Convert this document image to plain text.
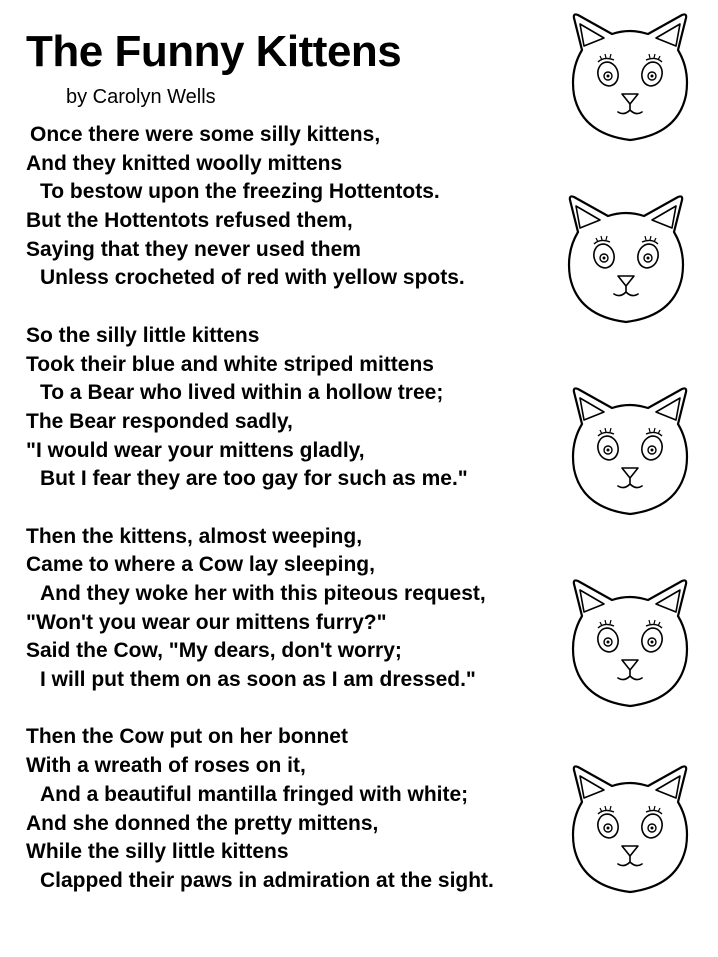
The Funny Kittens
by Carolyn Wells
Once there were some silly kittens,
And they knitted woolly mittens
To bestow upon the freezing Hottentots.
But the Hottentots refused them,
Saying that they never used them
Unless crocheted of red with yellow spots.
So the silly little kittens
Took their blue and white striped mittens
To a Bear who lived within a hollow tree;
The Bear responded sadly,
"I would wear your mittens gladly,
But I fear they are too gay for such as me."
Then the kittens, almost weeping,
Came to where a Cow lay sleeping,
And they woke her with this piteous request,
"Won't you wear our mittens furry?"
Said the Cow, "My dears, don't worry;
I will put them on as soon as I am dressed."
Then the Cow put on her bonnet
With a wreath of roses on it,
And a beautiful mantilla fringed with white;
And she donned the pretty mittens,
While the silly little kittens
Clapped their paws in admiration at the sight.
